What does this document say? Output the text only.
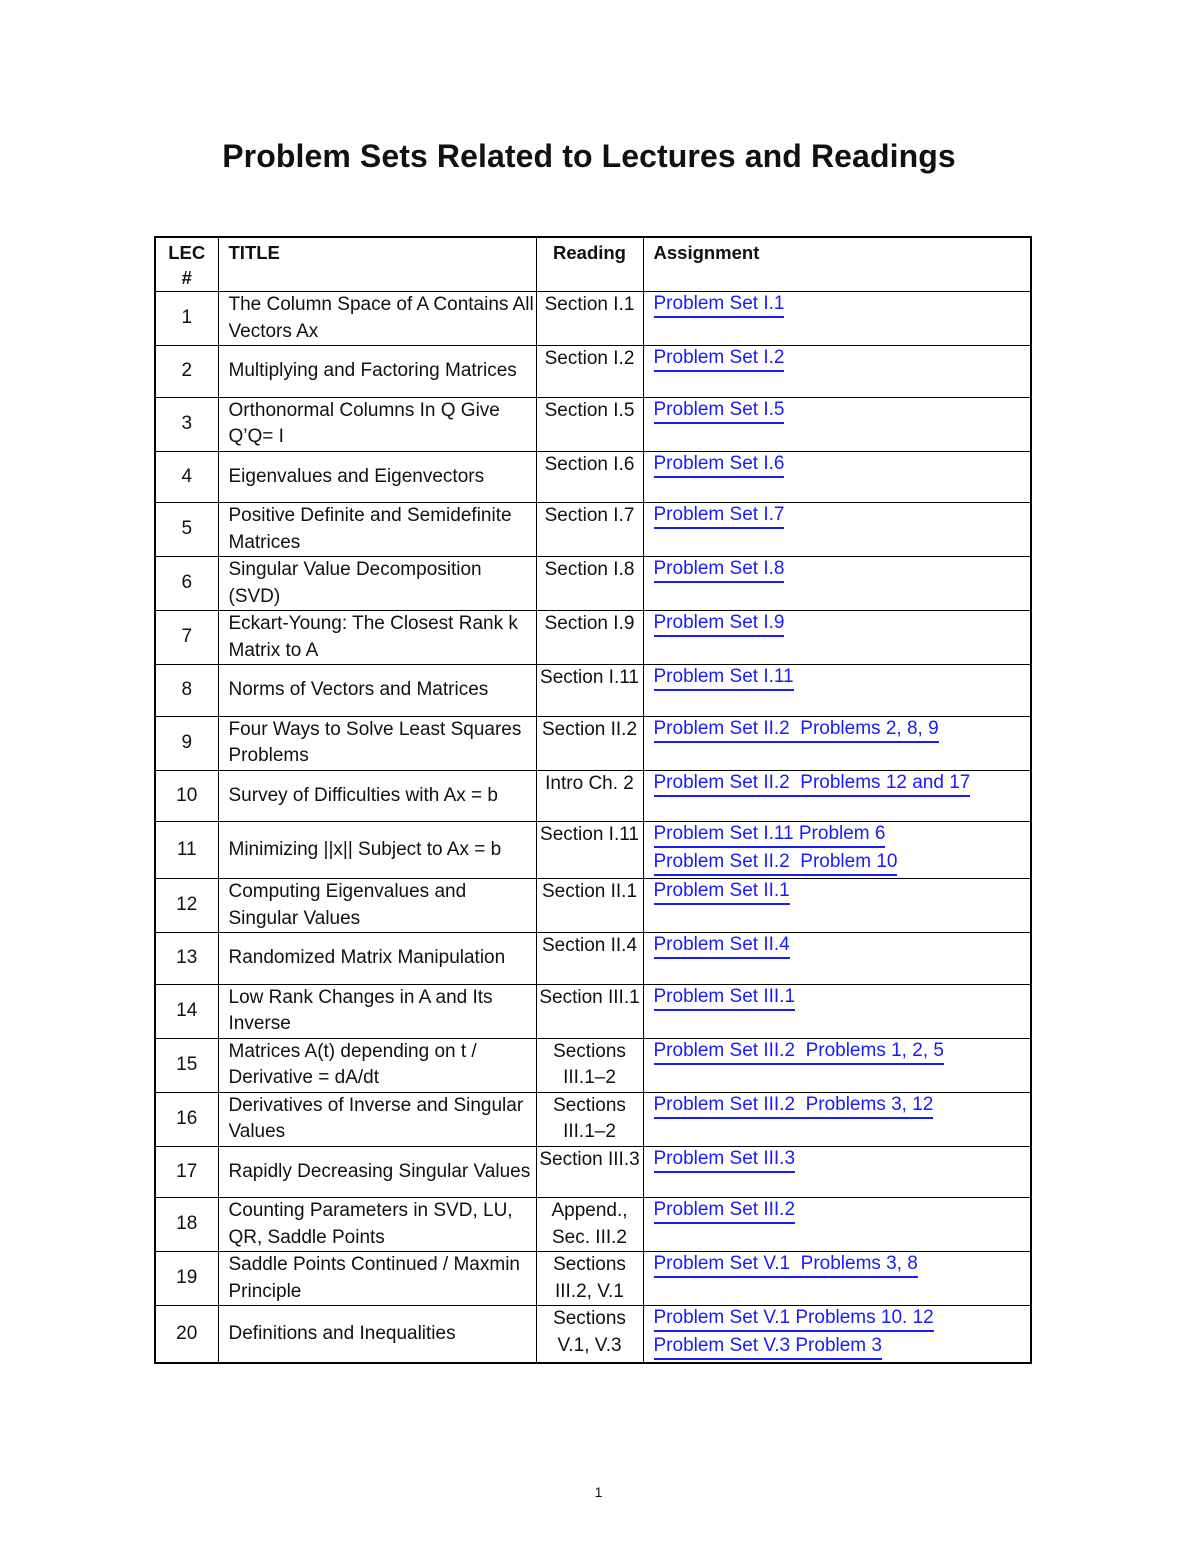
Problem Sets Related to Lectures and Readings
LEC #	TITLE	Reading	Assignment
1	The Column Space of A Contains All Vectors Ax	Section I.1	Problem Set I.1

2	Multiplying and Factoring Matrices	Section I.2	Problem Set I.2

3	Orthonormal Columns In Q Give Q’Q= I	Section I.5	Problem Set I.5

4	Eigenvalues and Eigenvectors	Section I.6	Problem Set I.6

5	Positive Definite and Semidefinite Matrices	Section I.7	Problem Set I.7

6	Singular Value Decomposition (SVD)	Section I.8	Problem Set I.8

7	Eckart-Young: The Closest Rank k Matrix to A	Section I.9	Problem Set I.9

8	Norms of Vectors and Matrices	Section I.11	Problem Set I.11

9	Four Ways to Solve Least Squares Problems	Section II.2	Problem Set II.2  Problems 2, 8, 9

10	Survey of Difficulties with Ax = b	Intro Ch. 2	Problem Set II.2  Problems 12 and 17

11	Minimizing ||x|| Subject to Ax = b	Section I.11	Problem Set I.11 Problem 6
Problem Set II.2  Problem 10

12	Computing Eigenvalues and Singular Values	Section II.1	Problem Set II.1

13	Randomized Matrix Manipulation	Section II.4	Problem Set II.4

14	Low Rank Changes in A and Its Inverse	Section III.1	Problem Set III.1

15	Matrices A(t) depending on t / Derivative = dA/dt	Sections III.1–2	Problem Set III.2  Problems 1, 2, 5

16	Derivatives of Inverse and Singular Values	Sections III.1–2	Problem Set III.2  Problems 3, 12

17	Rapidly Decreasing Singular Values	Section III.3	Problem Set III.3

18	Counting Parameters in SVD, LU, QR, Saddle Points	Append., Sec. III.2	Problem Set III.2

19	Saddle Points Continued / Maxmin Principle	Sections III.2, V.1	Problem Set V.1  Problems 3, 8

20	Definitions and Inequalities	Sections V.1, V.3	Problem Set V.1 Problems 10. 12
Problem Set V.3 Problem 3
1
